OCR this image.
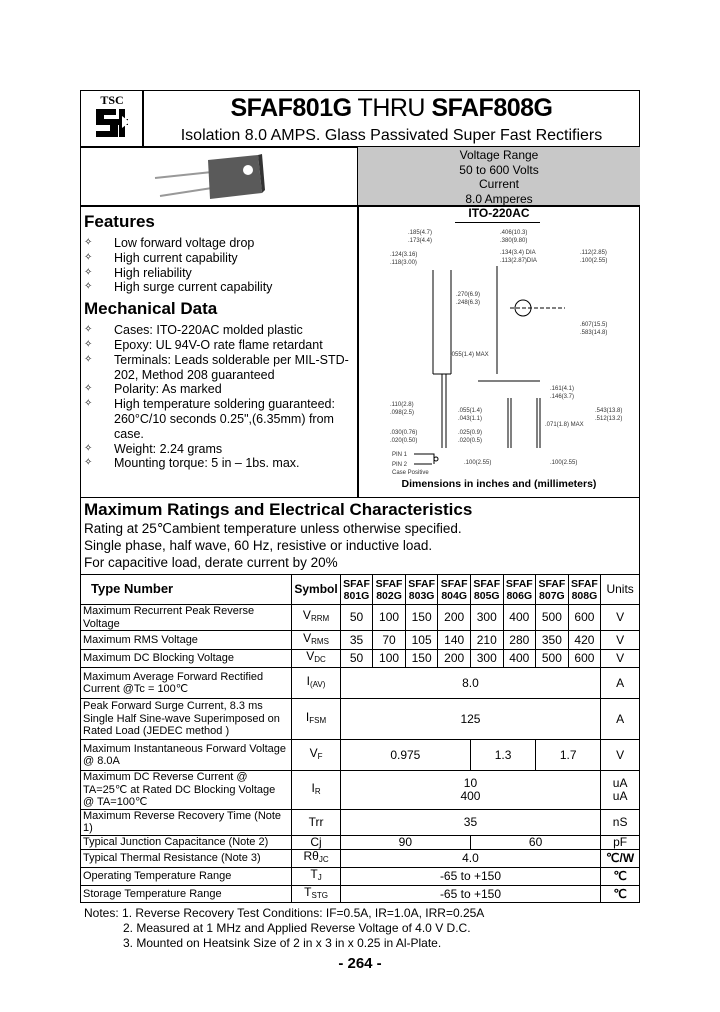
TSC	SFAF801G THRU SFAF808G
Isolation 8.0 AMPS. Glass Passivated Super Fast Rectifiers
Voltage Range
50 to 600 Volts
Current
8.0 Amperes
Features
✧ Low forward voltage drop
✧ High current capability
✧ High reliability
✧ High surge current capability
Mechanical Data
✧ Cases: ITO-220AC molded plastic
✧ Epoxy: UL 94V-O rate flame retardant
✧ Terminals: Leads solderable per MIL-STD-202, Method 208 guaranteed
✧ Polarity: As marked
✧ High temperature soldering guaranteed: 260°C/10 seconds 0.25",(6.35mm) from case.
✧ Weight: 2.24 grams
✧ Mounting torque: 5 in – 1bs. max.
ITO-220AC
.185(4.7)
.173(4.4)
.124(3.16)
.118(3.00)
.406(10.3)
.380(9.80)
.134(3.4) DIA
.113(2.87)DIA
.112(2.85)
.100(2.55)
.270(6.9)
.248(6.3)
.607(15.5)
.583(14.8)
.055(1.4) MAX
.161(4.1)
.146(3.7)
.110(2.8)
.098(2.5)	.055(1.4)
.043(1.1)
.071(1.8) MAX
.543(13.8)
.512(13.2)
.030(0.76)
.020(0.50)
.025(0.9)
.020(0.5)
.100(2.55)	.100(2.55)
PIN 1
PIN 2
Case Positive
Dimensions in inches and (millimeters)
Maximum Ratings and Electrical Characteristics
Rating at 25℃ambient temperature unless otherwise specified.
Single phase, half wave, 60 Hz, resistive or inductive load.
For capacitive load, derate current by 20%
Type Number	Symbol	SFAF
801G	SFAF
802G	SFAF
803G	SFAF
804G	SFAF
805G	SFAF
806G	SFAF
807G	SFAF
808G	Units
Maximum Recurrent Peak Reverse Voltage	$V_{RRM}$	50	100	150	200	300	400	500	600	V
Maximum RMS Voltage	$V_{RMS}$	35	70	105	140	210	280	350	420	V
Maximum DC Blocking Voltage	$V_{DC}$	50	100	150	200	300	400	500	600	V
Maximum Average Forward Rectified Current @Tc = 100℃	$I_{(AV)}$	8.0								A
Peak Forward Surge Current, 8.3 ms Single Half Sine-wave Superimposed on Rated Load (JEDEC method )	$I_{FSM}$	125								A
Maximum Instantaneous Forward Voltage @ 8.0A	$V_F$	0.975				1.3		1.7		V
Maximum DC Reverse Current @ TA=25℃ at Rated DC Blocking Voltage @ TA=100℃	$I_R$	10
400								uA
uA
Maximum Reverse Recovery Time (Note 1)	Trr	35								nS
Typical Junction Capacitance (Note 2)	Cj	90				60				pF
Typical Thermal Resistance (Note 3)	$R\theta_{JC}$	4.0								℃/W
Operating Temperature Range	$T_J$	-65 to +150								℃
Storage Temperature Range	$T_{STG}$	-65 to +150								℃
Notes: 1. Reverse Recovery Test Conditions: IF=0.5A, IR=1.0A, IRR=0.25A
2. Measured at 1 MHz and Applied Reverse Voltage of 4.0 V D.C.
3. Mounted on Heatsink Size of 2 in x 3 in x 0.25 in Al-Plate.
- 264 -
